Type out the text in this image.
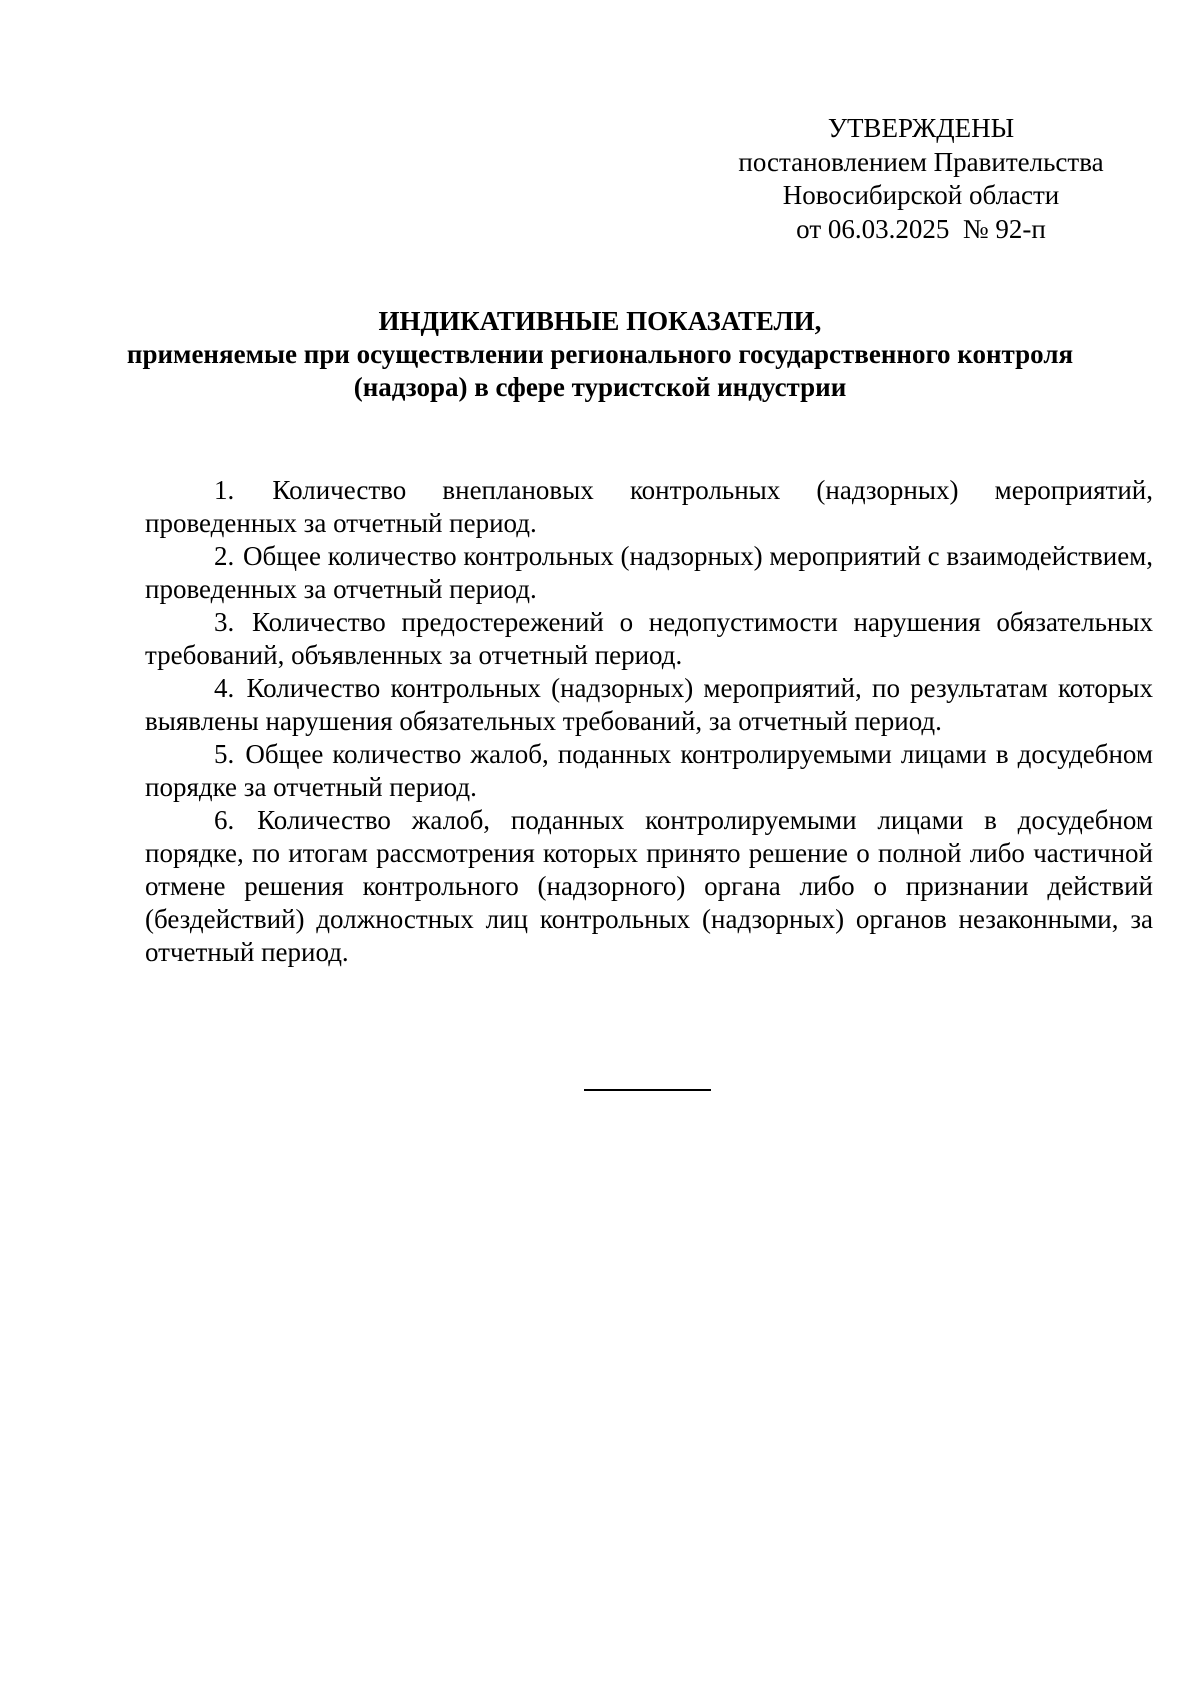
УТВЕРЖДЕНЫ
постановлением Правительства
Новосибирской области
от 06.03.2025  № 92-п
ИНДИКАТИВНЫЕ ПОКАЗАТЕЛИ,
применяемые при осуществлении регионального государственного контроля
(надзора) в сфере туристской индустрии

1. Количество внеплановых контрольных (надзорных) мероприятий, проведенных за отчетный период.

2. Общее количество контрольных (надзорных) мероприятий с взаимодействием, проведенных за отчетный период.

3. Количество предостережений о недопустимости нарушения обязательных требований, объявленных за отчетный период.

4. Количество контрольных (надзорных) мероприятий, по результатам которых выявлены нарушения обязательных требований, за отчетный период.

5. Общее количество жалоб, поданных контролируемыми лицами в досудебном порядке за отчетный период.

6. Количество жалоб, поданных контролируемыми лицами в досудебном порядке, по итогам рассмотрения которых принято решение о полной либо частичной отмене решения контрольного (надзорного) органа либо о признании действий (бездействий) должностных лиц контрольных (надзорных) органов незаконными, за отчетный период.
